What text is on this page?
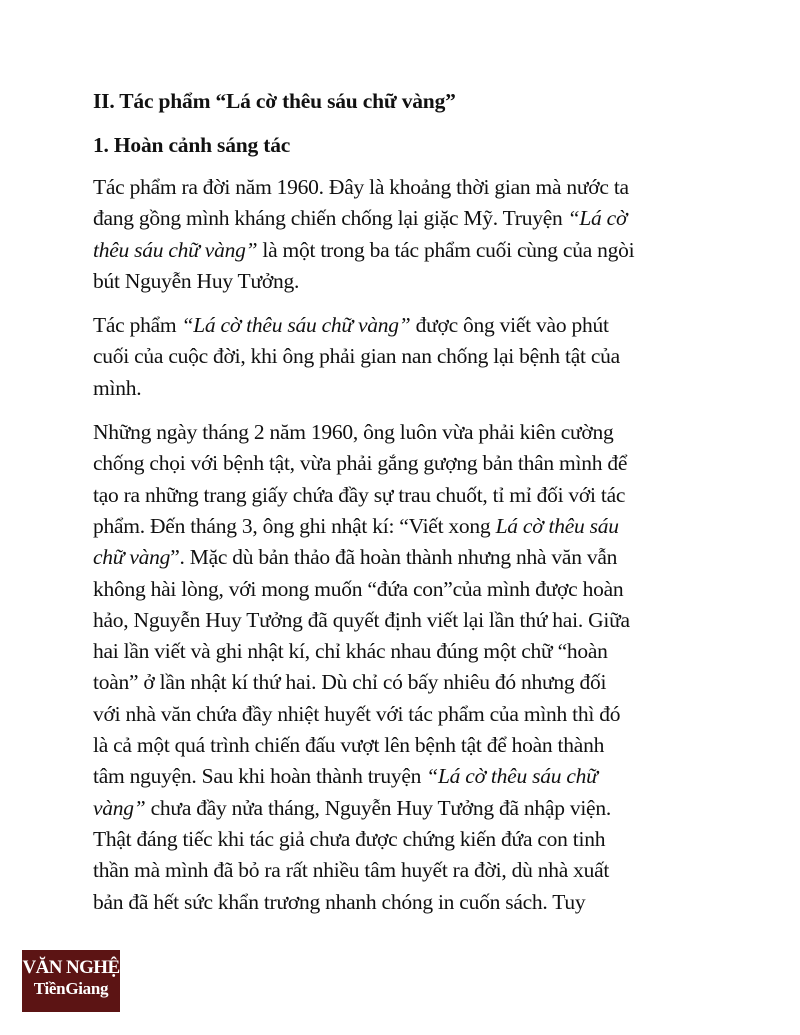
II. Tác phẩm “Lá cờ thêu sáu chữ vàng”
1. Hoàn cảnh sáng tác

Tác phẩm ra đời năm 1960. Đây là khoảng thời gian mà nước ta
đang gồng mình kháng chiến chống lại giặc Mỹ. Truyện “Lá cờ
thêu sáu chữ vàng” là một trong ba tác phẩm cuối cùng của ngòi
bút Nguyễn Huy Tưởng.

Tác phẩm “Lá cờ thêu sáu chữ vàng” được ông viết vào phút
cuối của cuộc đời, khi ông phải gian nan chống lại bệnh tật của
mình.

Những ngày tháng 2 năm 1960, ông luôn vừa phải kiên cường
chống chọi với bệnh tật, vừa phải gắng gượng bản thân mình để
tạo ra những trang giấy chứa đầy sự trau chuốt, tỉ mỉ đối với tác
phẩm. Đến tháng 3, ông ghi nhật kí: “Viết xong Lá cờ thêu sáu
chữ vàng”. Mặc dù bản thảo đã hoàn thành nhưng nhà văn vẫn
không hài lòng, với mong muốn “đứa con”của mình được hoàn
hảo, Nguyễn Huy Tưởng đã quyết định viết lại lần thứ hai. Giữa
hai lần viết và ghi nhật kí, chỉ khác nhau đúng một chữ “hoàn
toàn” ở lần nhật kí thứ hai. Dù chỉ có bấy nhiêu đó nhưng đối
với nhà văn chứa đầy nhiệt huyết với tác phẩm của mình thì đó
là cả một quá trình chiến đấu vượt lên bệnh tật để hoàn thành
tâm nguyện. Sau khi hoàn thành truyện “Lá cờ thêu sáu chữ
vàng” chưa đầy nửa tháng, Nguyễn Huy Tưởng đã nhập viện.
Thật đáng tiếc khi tác giả chưa được chứng kiến đứa con tinh
thần mà mình đã bỏ ra rất nhiều tâm huyết ra đời, dù nhà xuất
bản đã hết sức khẩn trương nhanh chóng in cuốn sách. Tuy

VĂN NGHỆ
TiềnGiang
